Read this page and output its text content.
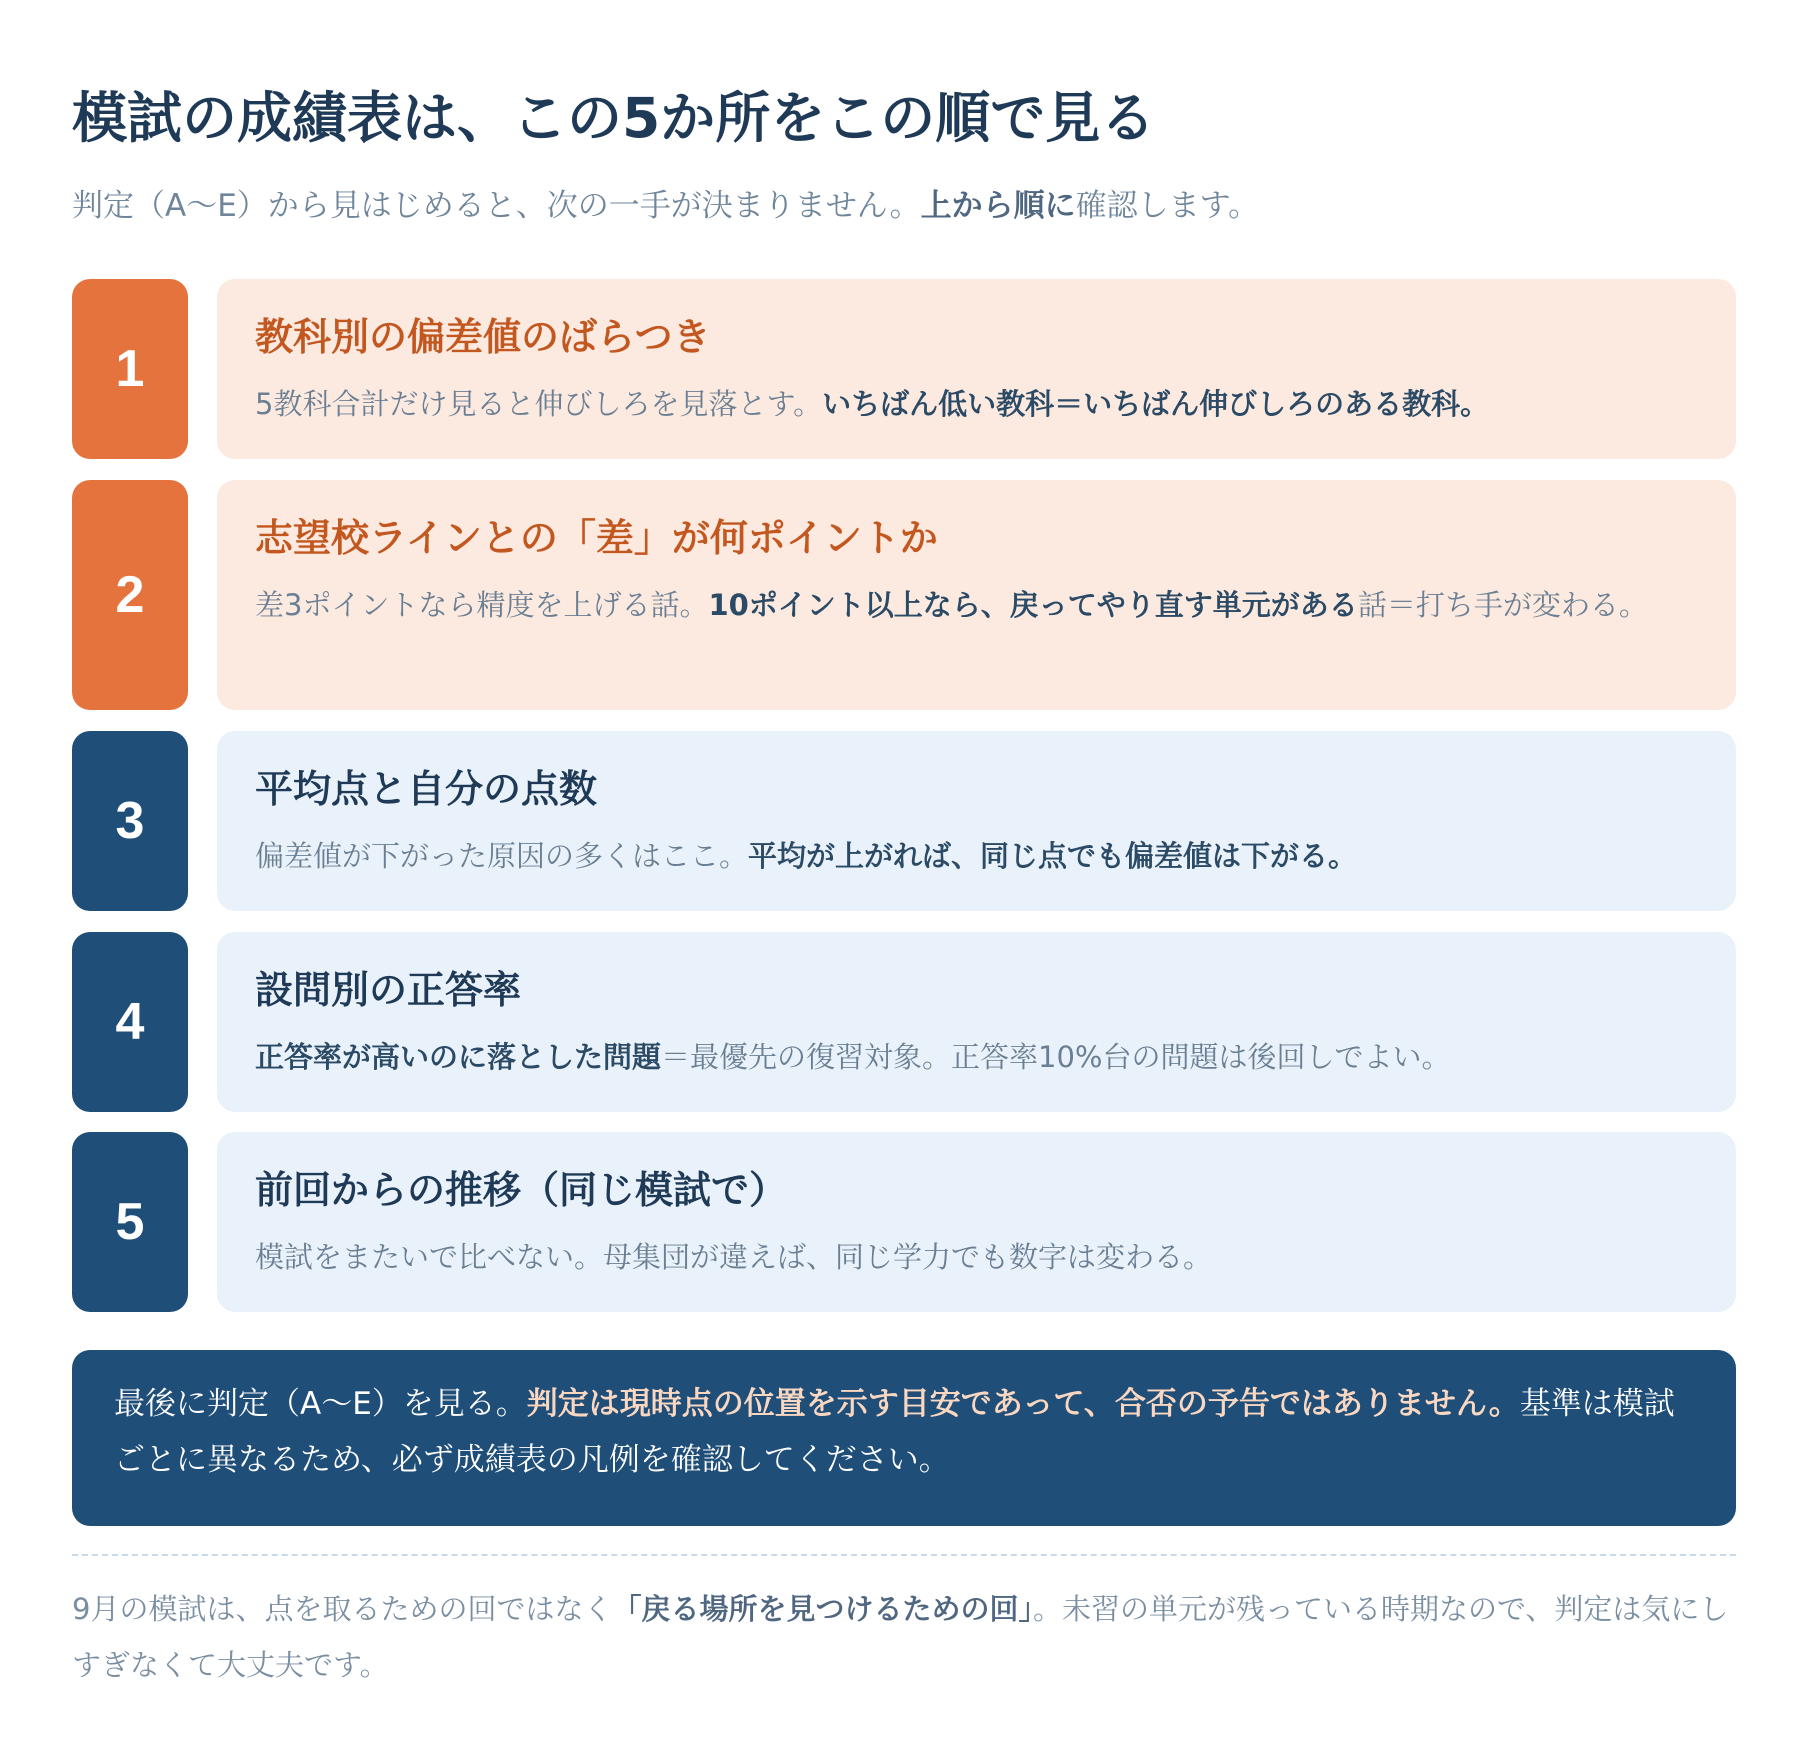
模試の成績表は、この5か所をこの順で見る
判定（A〜E）から見はじめると、次の一手が決まりません。上から順に確認します。
1
教科別の偏差値のばらつき
5教科合計だけ見ると伸びしろを見落とす。いちばん低い教科＝いちばん伸びしろのある教科。
2
志望校ラインとの「差」が何ポイントか
差3ポイントなら精度を上げる話。10ポイント以上なら、戻ってやり直す単元がある話＝打ち手が変わる。
3
平均点と自分の点数
偏差値が下がった原因の多くはここ。平均が上がれば、同じ点でも偏差値は下がる。
4
設問別の正答率
正答率が高いのに落とした問題＝最優先の復習対象。正答率10%台の問題は後回しでよい。
5
前回からの推移（同じ模試で）
模試をまたいで比べない。母集団が違えば、同じ学力でも数字は変わる。
最後に判定（A〜E）を見る。判定は現時点の位置を示す目安であって、合否の予告ではありません。基準は模試ごとに異なるため、必ず成績表の凡例を確認してください。
9月の模試は、点を取るための回ではなく「戻る場所を見つけるための回」。未習の単元が残っている時期なので、判定は気にしすぎなくて大丈夫です。
